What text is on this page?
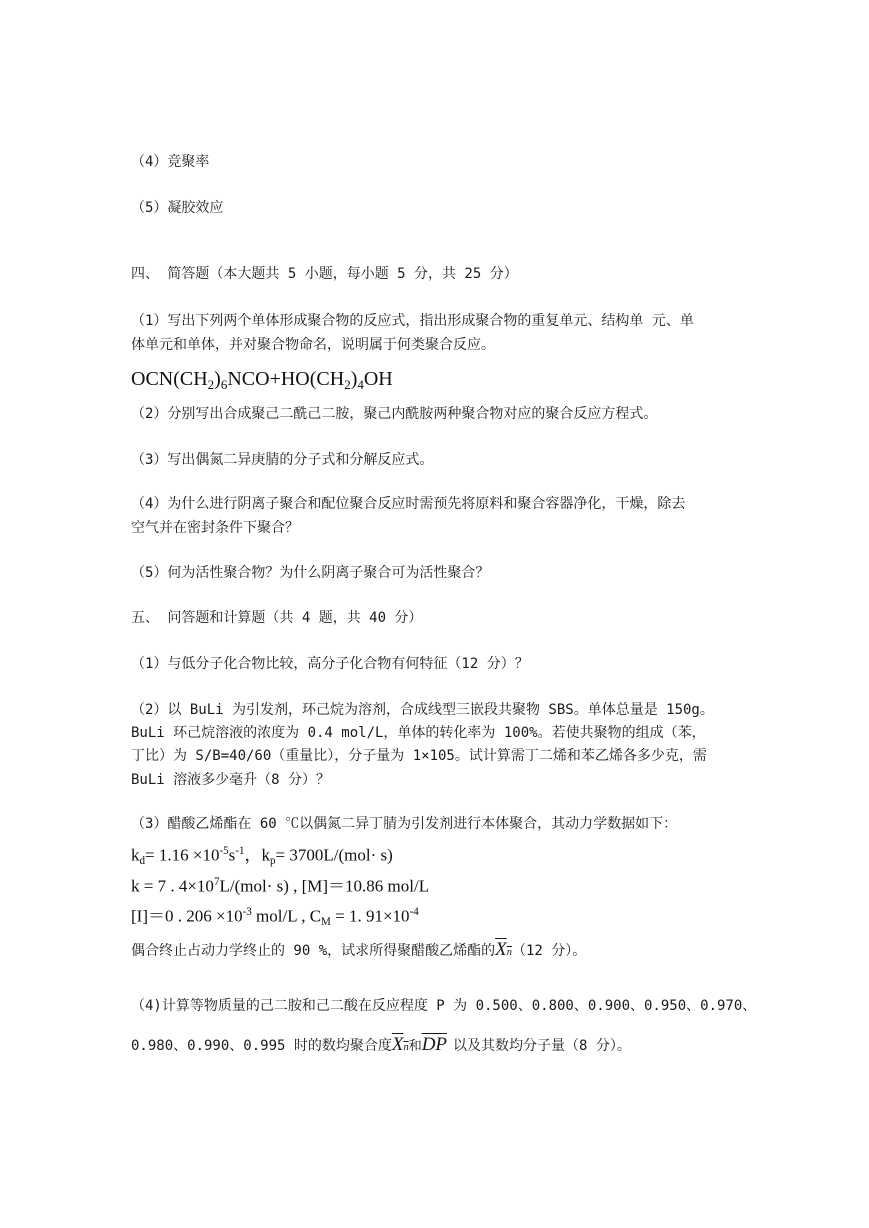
（4）竞聚率
（5）凝胶效应
四、 简答题（本大题共 5 小题，每小题 5 分，共 25 分）
（1）写出下列两个单体形成聚合物的反应式，指出形成聚合物的重复单元、结构单 元、单
体单元和单体，并对聚合物命名，说明属于何类聚合反应。
$OCN(CH_2)_6NCO+HO(CH_2)_4OH$
（2）分别写出合成聚己二酰己二胺，聚己内酰胺两种聚合物对应的聚合反应方程式。
（3）写出偶氮二异庚腈的分子式和分解反应式。
（4）为什么进行阴离子聚合和配位聚合反应时需预先将原料和聚合容器净化，干燥，除去
空气并在密封条件下聚合？
（5）何为活性聚合物？为什么阴离子聚合可为活性聚合？
五、 问答题和计算题（共 4 题，共 40 分）
（1）与低分子化合物比较，高分子化合物有何特征（12 分）？
（2）以 BuLi 为引发剂，环己烷为溶剂，合成线型三嵌段共聚物 SBS。单体总量是 150g。
BuLi 环己烷溶液的浓度为 0.4 mol/L，单体的转化率为 100%。若使共聚物的组成（苯，
丁比）为 S/B=40/60（重量比），分子量为 1×105。试计算需丁二烯和苯乙烯各多少克，需
BuLi 溶液多少毫升（8 分）？
（3）醋酸乙烯酯在 60 ℃以偶氮二异丁腈为引发剂进行本体聚合，其动力学数据如下：
$k_d= 1.16 \times 10^{-5}s^{-1}$，$k_p= 3700L/(mol\cdot s)$
k = 7 . $4\times 10^7L/(mol\cdot s)$ , [M]＝10.86 mol/L
[I]＝0 . $206 \times 10^{-3}$ mol/L , $C_M = 1$. $91\times 10^{-4}$
偶合终止占动力学终止的 90 %，试求所得聚醋酸乙烯酯的Xn（12 分）。
（4)计算等物质量的己二胺和己二酸在反应程度 P 为 0.500、0.800、0.900、0.950、0.970、
0.980、0.990、0.995 时的数均聚合度Xn和$\overline{DP}$ 以及其数均分子量（8 分）。
